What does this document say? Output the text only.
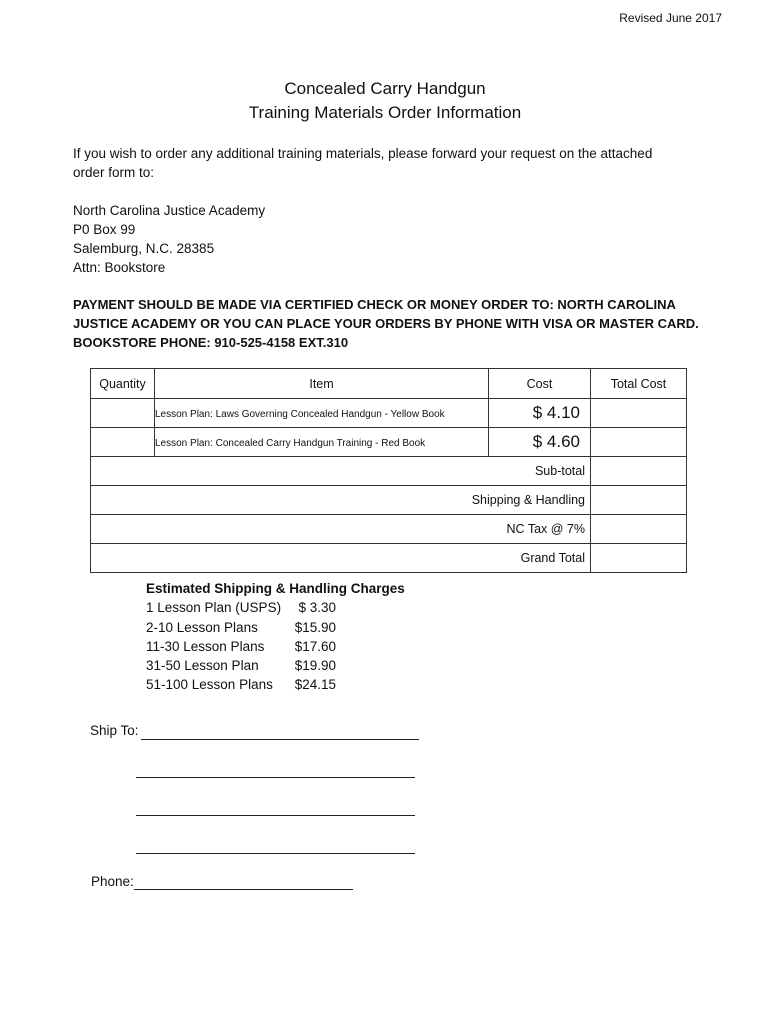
Revised June 2017
Concealed Carry Handgun
Training Materials Order Information
If you wish to order any additional training materials, please forward your request on the attached
order form to:
North Carolina Justice Academy
P0 Box 99
Salemburg, N.C. 28385
Attn: Bookstore
PAYMENT SHOULD BE MADE VIA CERTIFIED CHECK OR MONEY ORDER TO: NORTH CAROLINA
JUSTICE ACADEMY OR YOU CAN PLACE YOUR ORDERS BY PHONE WITH VISA OR MASTER CARD.
BOOKSTORE PHONE: 910-525-4158 EXT.310
Quantity	Item	Cost	Total Cost
	Lesson Plan: Laws Governing Concealed Handgun - Yellow Book	$ 4.10	
	Lesson Plan: Concealed Carry Handgun Training - Red Book	$ 4.60	
Sub-total			
Shipping & Handling			
NC Tax @ 7%			
Grand Total			
Estimated Shipping & Handling Charges
1 Lesson Plan (USPS)	$ 3.30
2-10 Lesson Plans	$15.90
11-30 Lesson Plans	$17.60
31-50 Lesson Plan	$19.90
51-100 Lesson Plans	$24.15
Ship To:
Phone:
